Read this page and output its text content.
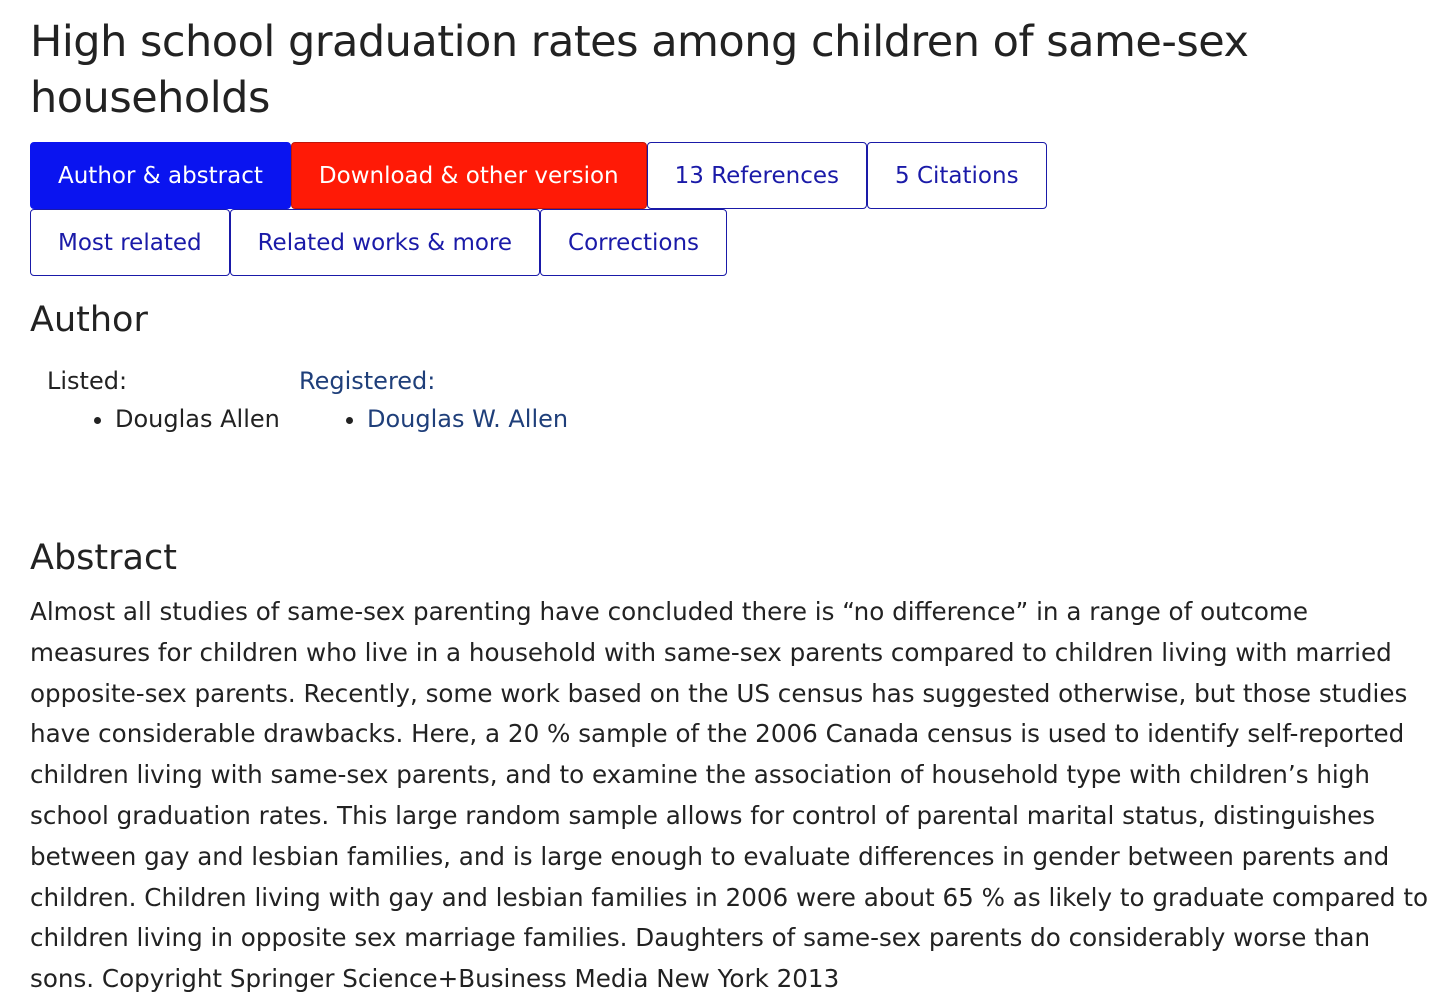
High school graduation rates among children of same-sex households
Author & abstract	Download & other version	13 References	5 Citations
Most related	Related works & more	Corrections
Author
Listed:
• Douglas Allen
Registered:
• Douglas W. Allen
Abstract

Almost all studies of same-sex parenting have concluded there is “no difference” in a range of outcome measures for children who live in a household with same-sex parents compared to children living with married opposite-sex parents. Recently, some work based on the US census has suggested otherwise, but those studies have considerable drawbacks. Here, a 20 % sample of the 2006 Canada census is used to identify self-reported children living with same-sex parents, and to examine the association of household type with children’s high school graduation rates. This large random sample allows for control of parental marital status, distinguishes between gay and lesbian families, and is large enough to evaluate differences in gender between parents and children. Children living with gay and lesbian families in 2006 were about 65 % as likely to graduate compared to children living in opposite sex marriage families. Daughters of same-sex parents do considerably worse than sons. Copyright Springer Science+Business Media New York 2013
